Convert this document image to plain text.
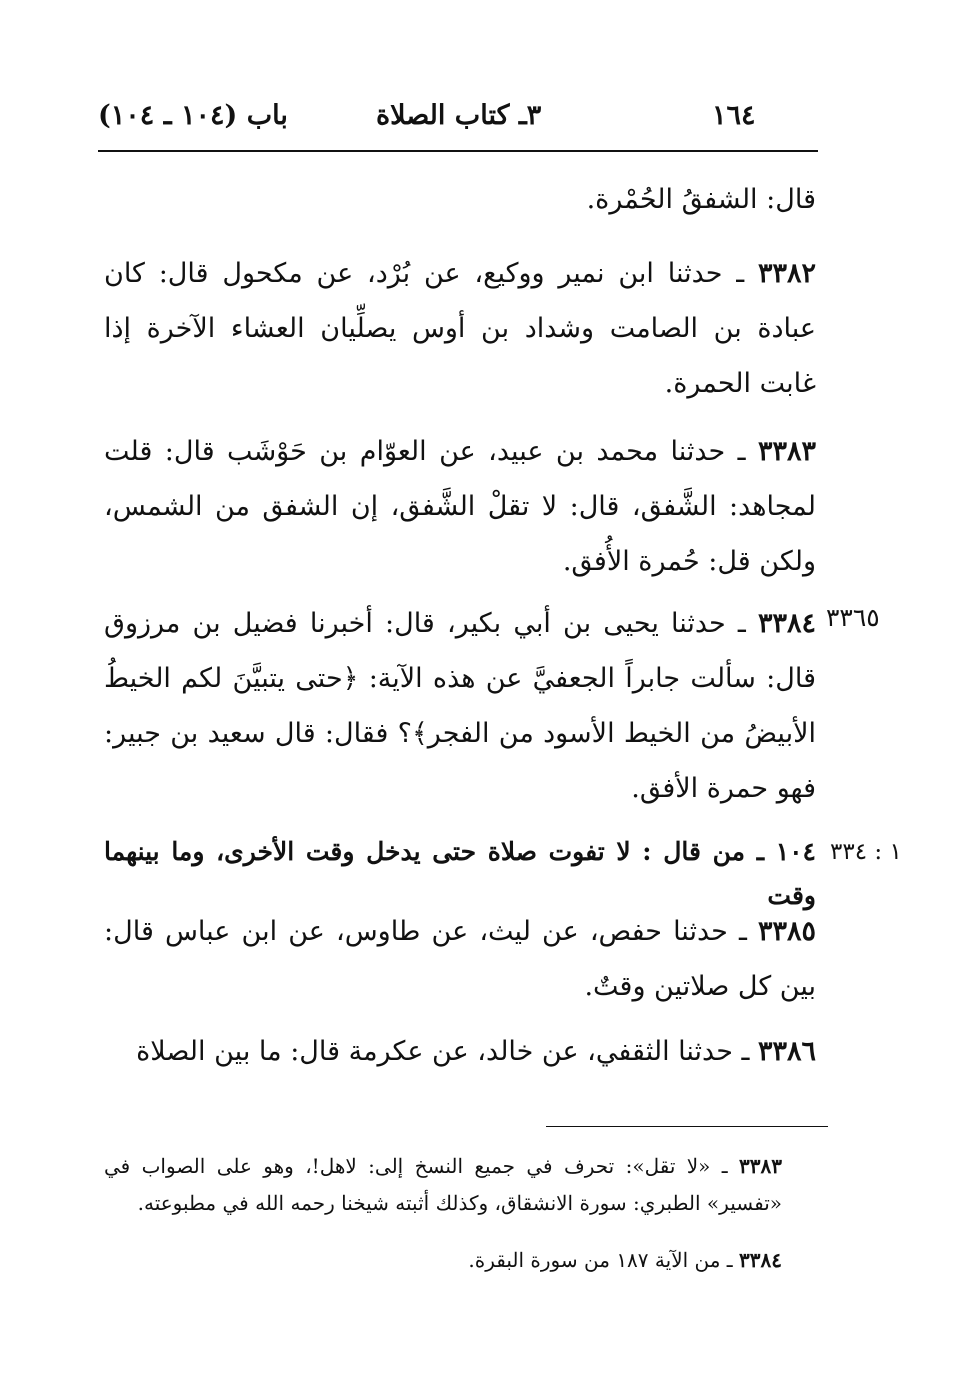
١٦٤
٣ـ كتاب الصلاة
باب (١٠٤ ـ ١٠٤)
قال: الشفقُ الحُمْرة.
٣٣٨٢ ـ حدثنا ابن نمير ووكيع، عن بُرْد، عن مكحول قال: كان عبادة بن الصامت وشداد بن أوس يصلِّيان العشاء الآخرة إذا غابت الحمرة.
٣٣٨٣ ـ حدثنا محمد بن عبيد، عن العوّام بن حَوْشَب قال: قلت لمجاهد: الشَّفق، قال: لا تقلْ الشَّفق، إن الشفق من الشمس، ولكن قل: حُمرة الأُفق.
٣٣٦٥
٣٣٨٤ ـ حدثنا يحيى بن أبي بكير، قال: أخبرنا فضيل بن مرزوق قال: سألت جابراً الجعفيَّ عن هذه الآية: ﴿حتى يتبيَّنَ لكم الخيطُ الأبيضُ من الخيط الأسود من الفجر﴾؟ فقال: قال سعيد بن جبير: فهو حمرة الأفق.
١ : ٣٣٤
١٠٤ ـ من قال : لا تفوت صلاة حتى يدخل وقت الأخرى، وما بينهما وقت
٣٣٨٥ ـ حدثنا حفص، عن ليث، عن طاوس، عن ابن عباس قال: بين كل صلاتين وقتٌ.
٣٣٨٦ ـ حدثنا الثقفي، عن خالد، عن عكرمة قال: ما بين الصلاة
٣٣٨٣ ـ «لا تقل»: تحرف في جميع النسخ إلى: لاهل!، وهو على الصواب في «تفسير» الطبري: سورة الانشقاق، وكذلك أثبته شيخنا رحمه الله في مطبوعته.
٣٣٨٤ ـ من الآية ١٨٧ من سورة البقرة.
